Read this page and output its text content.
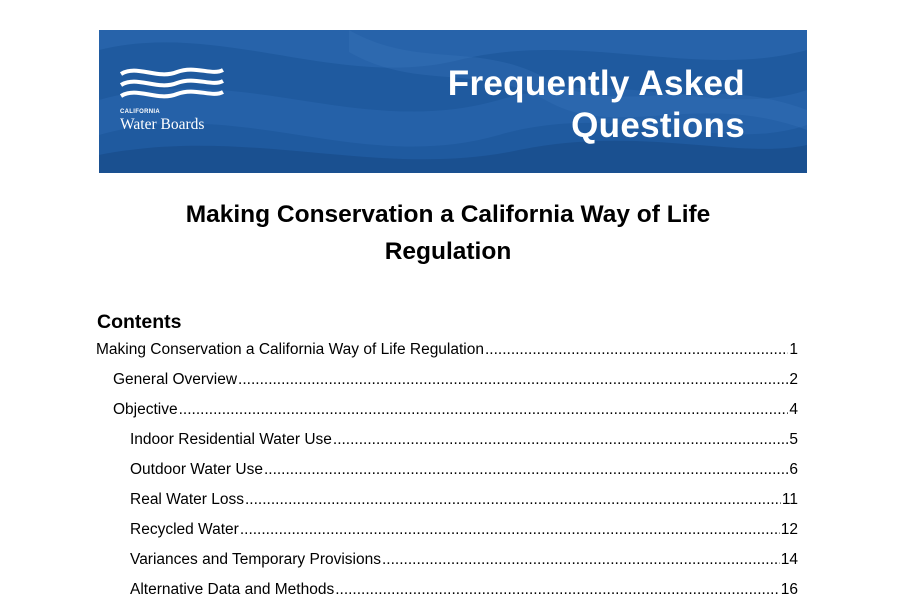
CALIFORNIA
Water Boards
Frequently Asked
Questions
Making Conservation a California Way of Life
Regulation
Contents
Making Conservation a California Way of Life Regulation .....	1
General Overview .....	2
Objective .....	4
Indoor Residential Water Use .....	5
Outdoor Water Use .....	6
Real Water Loss .....	11
Recycled Water .....	12
Variances and Temporary Provisions .....	14
Alternative Data and Methods .....	16
